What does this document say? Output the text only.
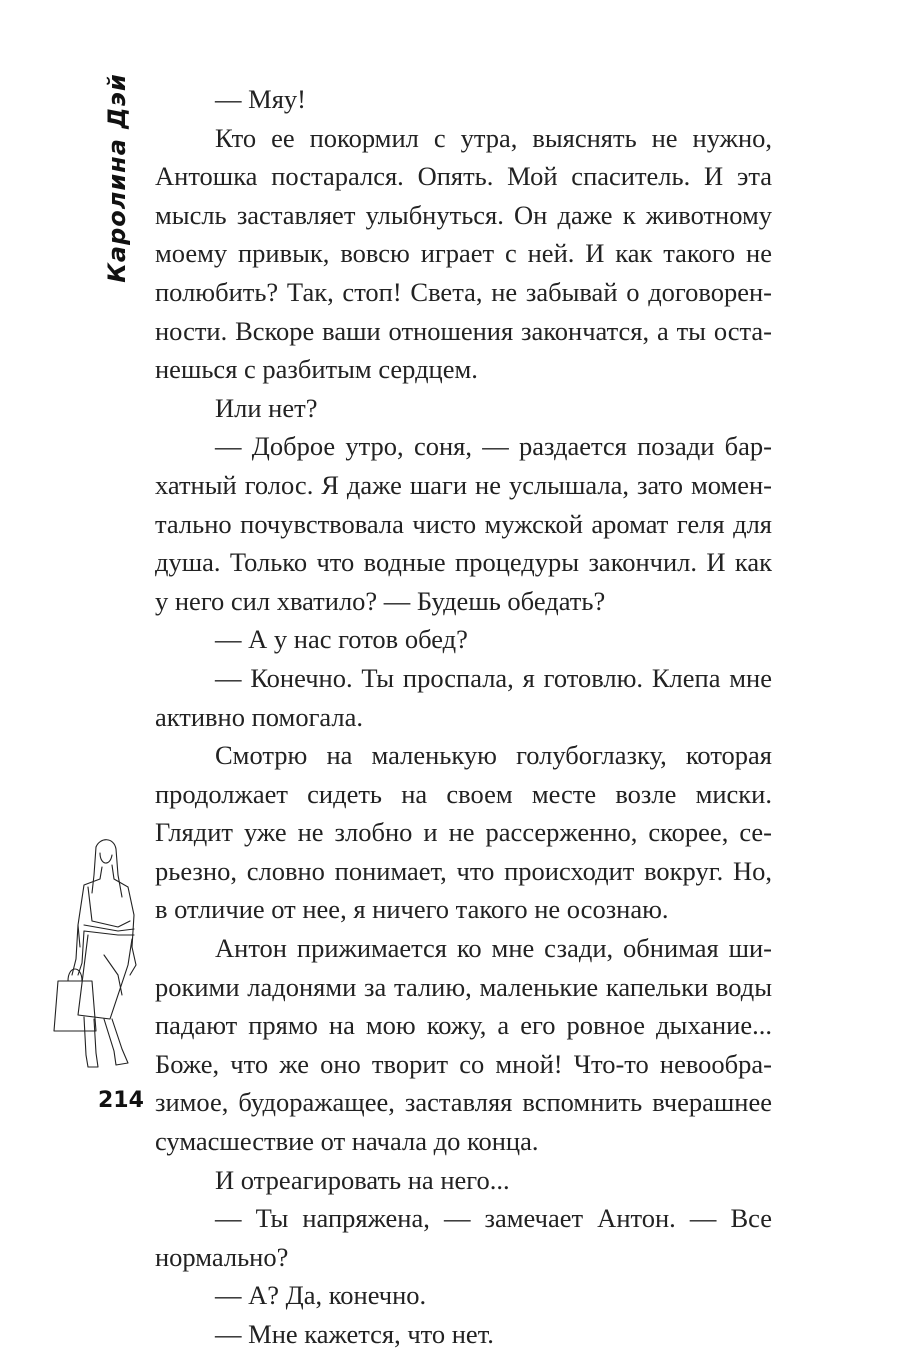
Каролина Дэй	— Мяу!

Кто ее покормил с утра, выяснять не нужно, Антошка постарался. Опять. Мой спаситель. И эта мысль заставляет улыбнуться. Он даже к животному моему привык, вовсю играет с ней. И как такого не полюбить? Так, стоп! Света, не забывай о договоренности. Вскоре ваши отношения закончатся, а ты останешься с разбитым сердцем.

Или нет?

— Доброе утро, соня, — раздается позади бархатный голос. Я даже шаги не услышала, зато моментально почувствовала чисто мужской аромат геля для душа. Только что водные процедуры закончил. И как у него сил хватило? — Будешь обедать?

— А у нас готов обед?

— Конечно. Ты проспала, я готовлю. Клепа мне активно помогала.

Смотрю на маленькую голубоглазку, которая продолжает сидеть на своем месте возле миски. Глядит уже не злобно и не рассерженно, скорее, серьезно, словно понимает, что происходит вокруг. Но, в отличие от нее, я ничего такого не осознаю.

Антон прижимается ко мне сзади, обнимая широкими ладонями за талию, маленькие капельки воды падают прямо на мою кожу, а его ровное дыхание... Боже, что же оно творит со мной! Что-то невообразимое, будоражащее, заставляя вспомнить вчерашнее сумасшествие от начала до конца.

И отреагировать на него...

— Ты напряжена, — замечает Антон. — Все нормально?

— А? Да, конечно.

— Мне кажется, что нет.

214
